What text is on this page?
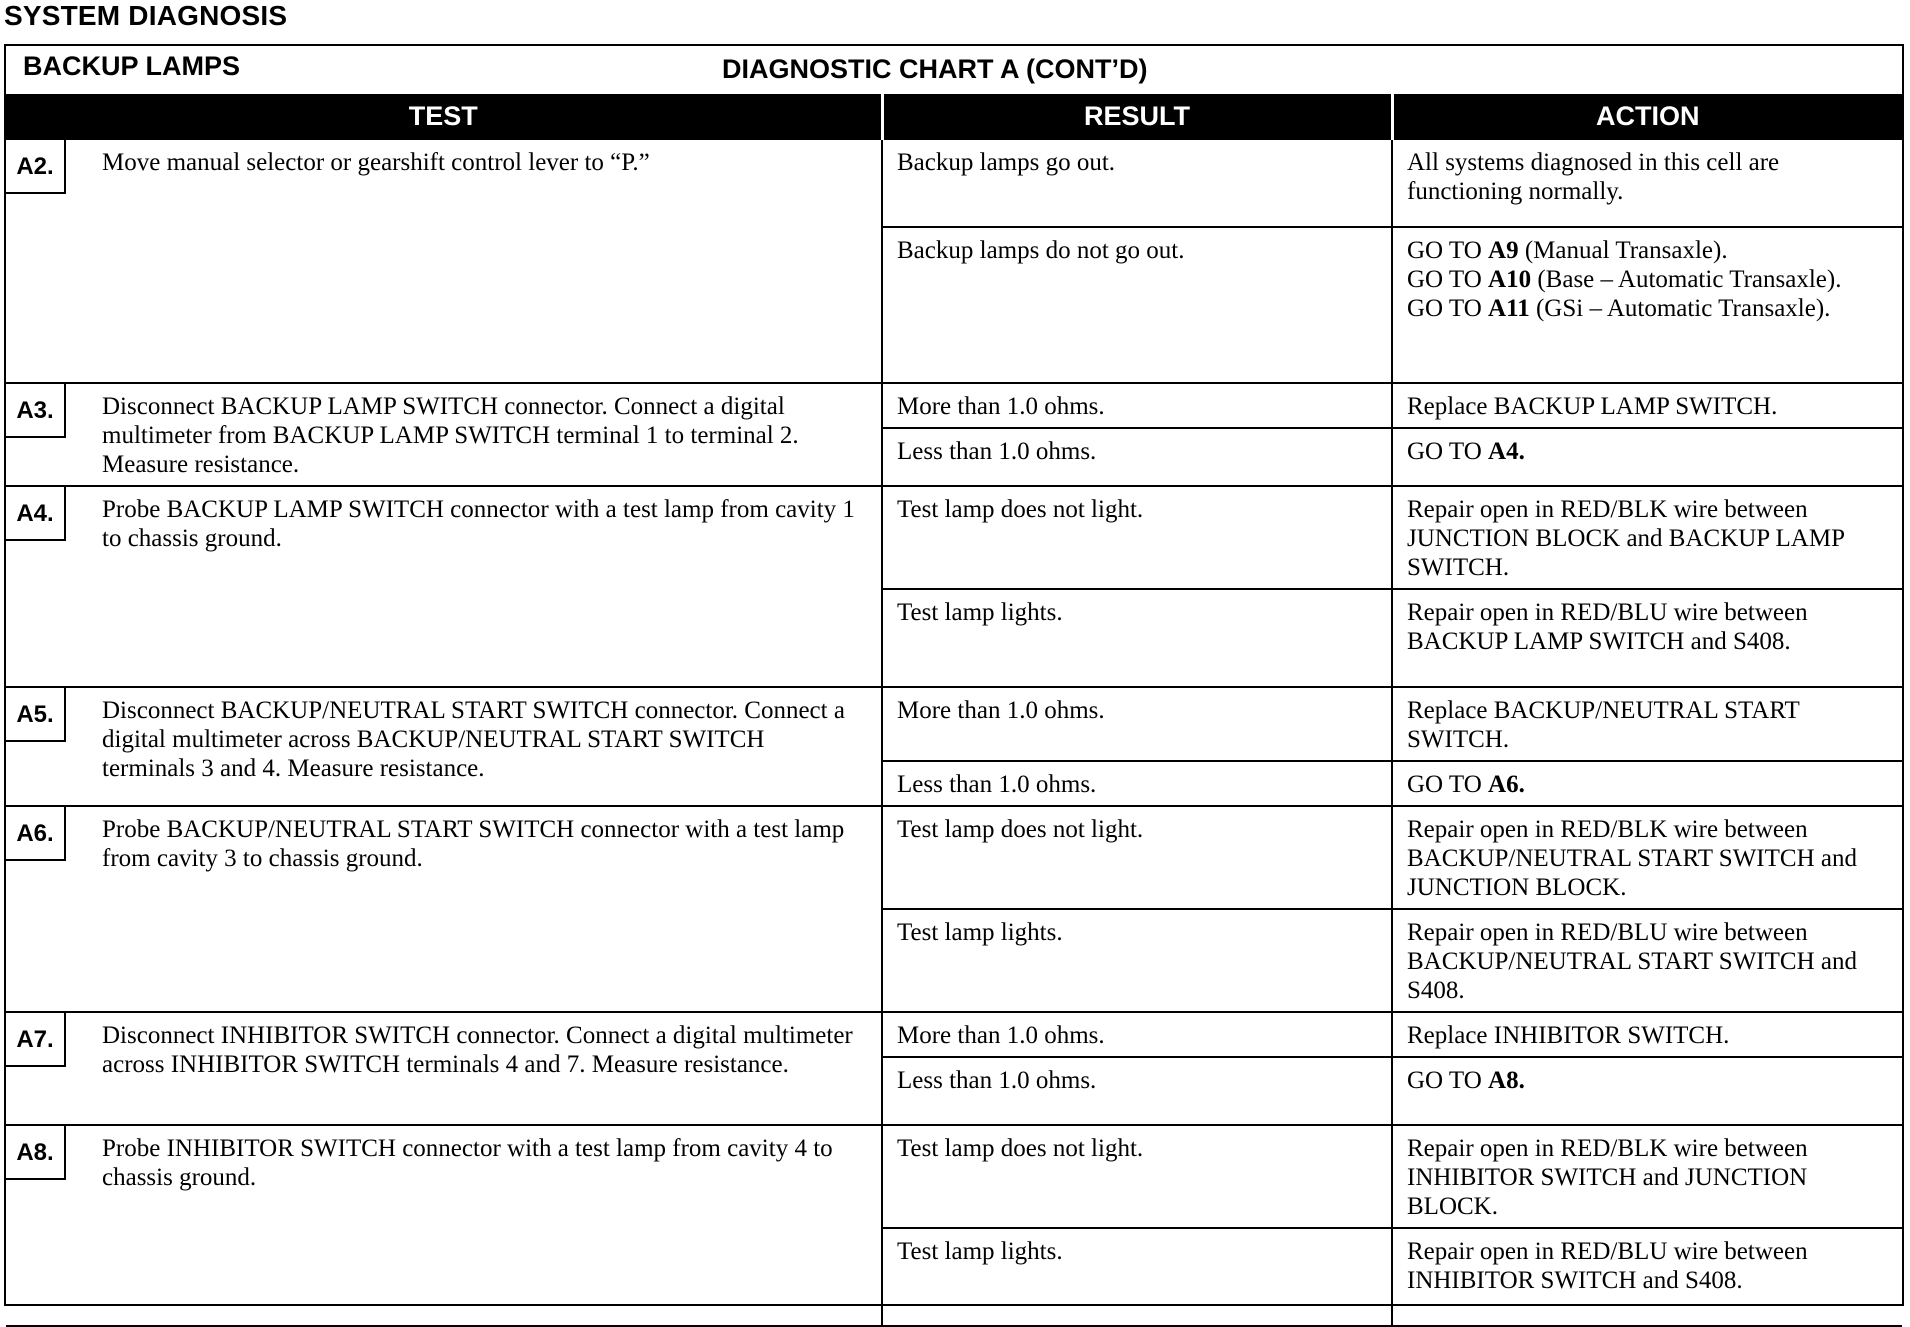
SYSTEM DIAGNOSIS
BACKUP LAMPS	DIAGNOSTIC CHART A (CONT’D)
TEST	RESULT	ACTION

A2. Move manual selector or gearshift control lever to “P.”	Backup lamps go out.	All systems diagnosed in this cell are functioning normally.

	Backup lamps do not go out.	GO TO A9 (Manual Transaxle).
GO TO A10 (Base – Automatic Transaxle).
GO TO A11 (GSi – Automatic Transaxle).

A3. Disconnect BACKUP LAMP SWITCH connector. Connect a digital multimeter from BACKUP LAMP SWITCH terminal 1 to terminal 2. Measure resistance.	More than 1.0 ohms.	Replace BACKUP LAMP SWITCH.

	Less than 1.0 ohms.	GO TO A4.

A4. Probe BACKUP LAMP SWITCH connector with a test lamp from cavity 1 to chassis ground.	Test lamp does not light.	Repair open in RED/BLK wire between JUNCTION BLOCK and BACKUP LAMP SWITCH.

	Test lamp lights.	Repair open in RED/BLU wire between BACKUP LAMP SWITCH and S408.

A5. Disconnect BACKUP/NEUTRAL START SWITCH connector. Connect a digital multimeter across BACKUP/NEUTRAL START SWITCH terminals 3 and 4. Measure resistance.	More than 1.0 ohms.	Replace BACKUP/NEUTRAL START SWITCH.

	Less than 1.0 ohms.	GO TO A6.

A6. Probe BACKUP/NEUTRAL START SWITCH connector with a test lamp from cavity 3 to chassis ground.	Test lamp does not light.	Repair open in RED/BLK wire between BACKUP/NEUTRAL START SWITCH and JUNCTION BLOCK.

	Test lamp lights.	Repair open in RED/BLU wire between BACKUP/NEUTRAL START SWITCH and S408.

A7. Disconnect INHIBITOR SWITCH connector. Connect a digital multimeter across INHIBITOR SWITCH terminals 4 and 7. Measure resistance.	More than 1.0 ohms.	Replace INHIBITOR SWITCH.

	Less than 1.0 ohms.	GO TO A8.

A8. Probe INHIBITOR SWITCH connector with a test lamp from cavity 4 to chassis ground.	Test lamp does not light.	Repair open in RED/BLK wire between INHIBITOR SWITCH and JUNCTION BLOCK.

	Test lamp lights.	Repair open in RED/BLU wire between INHIBITOR SWITCH and S408.
